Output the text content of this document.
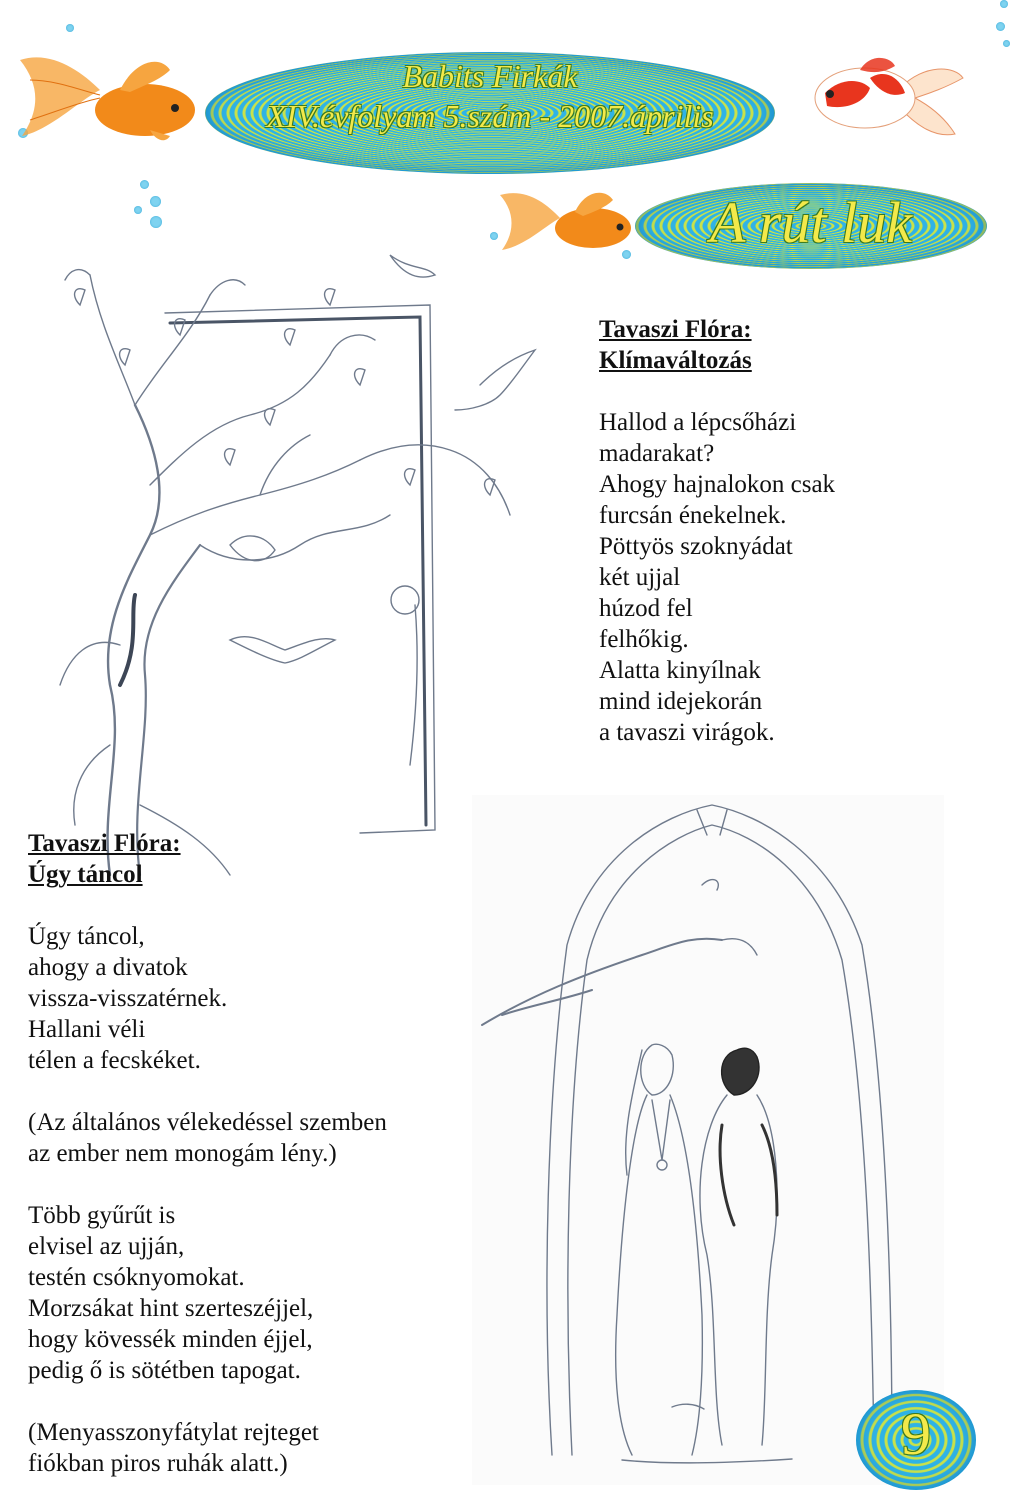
Babits Firkák
XIV.évfolyam 5.szám - 2007.április
A rút luk
Tavaszi Flóra:
Klímaváltozás
Hallod a lépcsőházi
madarakat?
Ahogy hajnalokon csak
furcsán énekelnek.
Pöttyös szoknyádat
két ujjal
húzod fel
felhőkig.
Alatta kinyílnak
mind idejekorán
a tavaszi virágok.
Tavaszi Flóra:
Úgy táncol
Úgy táncol,
ahogy a divatok
vissza-visszatérnek.
Hallani véli
télen a fecskéket.
(Az általános vélekedéssel szemben
az ember nem monogám lény.)
Több gyűrűt is
elvisel az ujján,
testén csóknyomokat.
Morzsákat hint szerteszéjjel,
hogy kövessék minden éjjel,
pedig ő is sötétben tapogat.
(Menyasszonyfátylat rejteget
fiókban piros ruhák alatt.)	9
